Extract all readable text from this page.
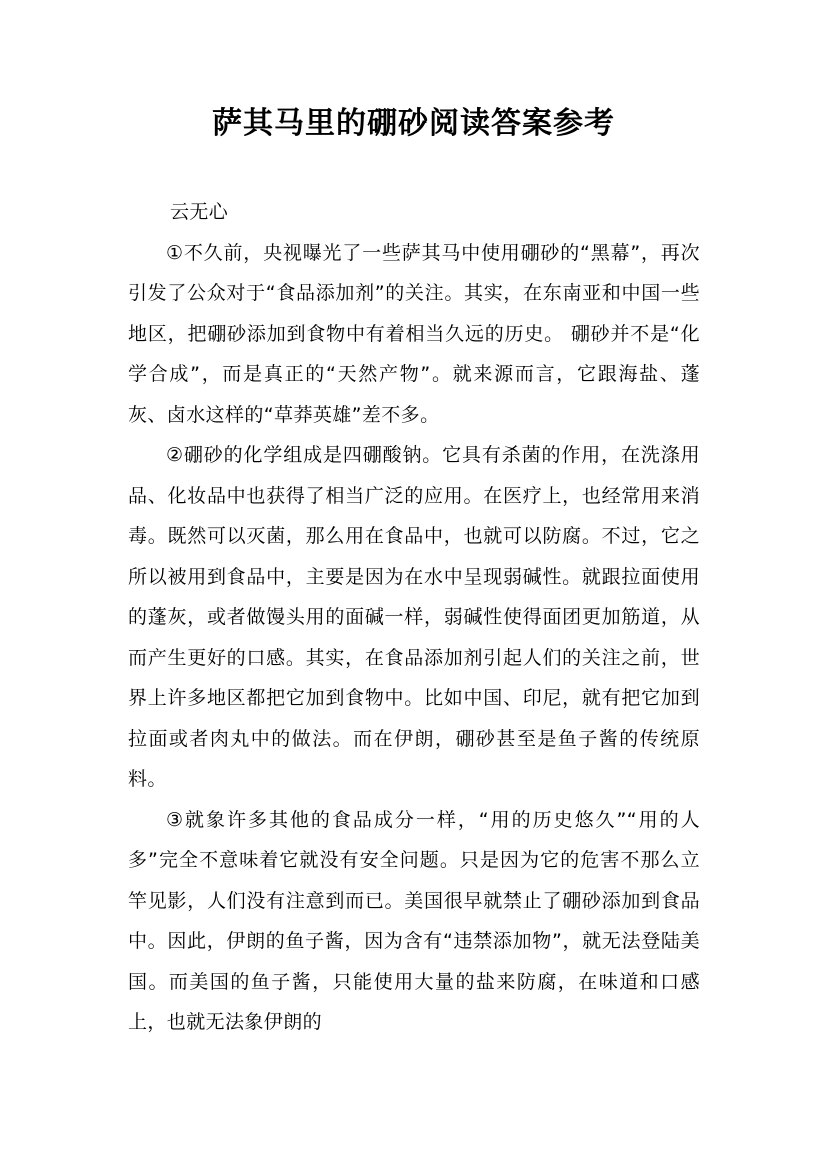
萨其马里的硼砂阅读答案参考

云无心

①不久前，央视曝光了一些萨其马中使用硼砂的“黑幕”，再次引发了公众对于“食品添加剂”的关注。其实，在东南亚和中国一些地区，把硼砂添加到食物中有着相当久远的历史。 硼砂并不是“化学合成”，而是真正的“天然产物”。就来源而言，它跟海盐、蓬灰、卤水这样的“草莽英雄”差不多。

②硼砂的化学组成是四硼酸钠。它具有杀菌的作用，在洗涤用品、化妆品中也获得了相当广泛的应用。在医疗上，也经常用来消毒。既然可以灭菌，那么用在食品中，也就可以防腐。不过，它之所以被用到食品中，主要是因为在水中呈现弱碱性。就跟拉面使用的蓬灰，或者做馒头用的面碱一样，弱碱性使得面团更加筋道，从而产生更好的口感。其实，在食品添加剂引起人们的关注之前，世界上许多地区都把它加到食物中。比如中国、印尼，就有把它加到拉面或者肉丸中的做法。而在伊朗，硼砂甚至是鱼子酱的传统原料。

③就象许多其他的食品成分一样，“用的历史悠久”“用的人多”完全不意味着它就没有安全问题。只是因为它的危害不那么立竿见影，人们没有注意到而已。美国很早就禁止了硼砂添加到食品中。因此，伊朗的鱼子酱，因为含有“违禁添加物”，就无法登陆美国。而美国的鱼子酱，只能使用大量的盐来防腐，在味道和口感上，也就无法象伊朗的
